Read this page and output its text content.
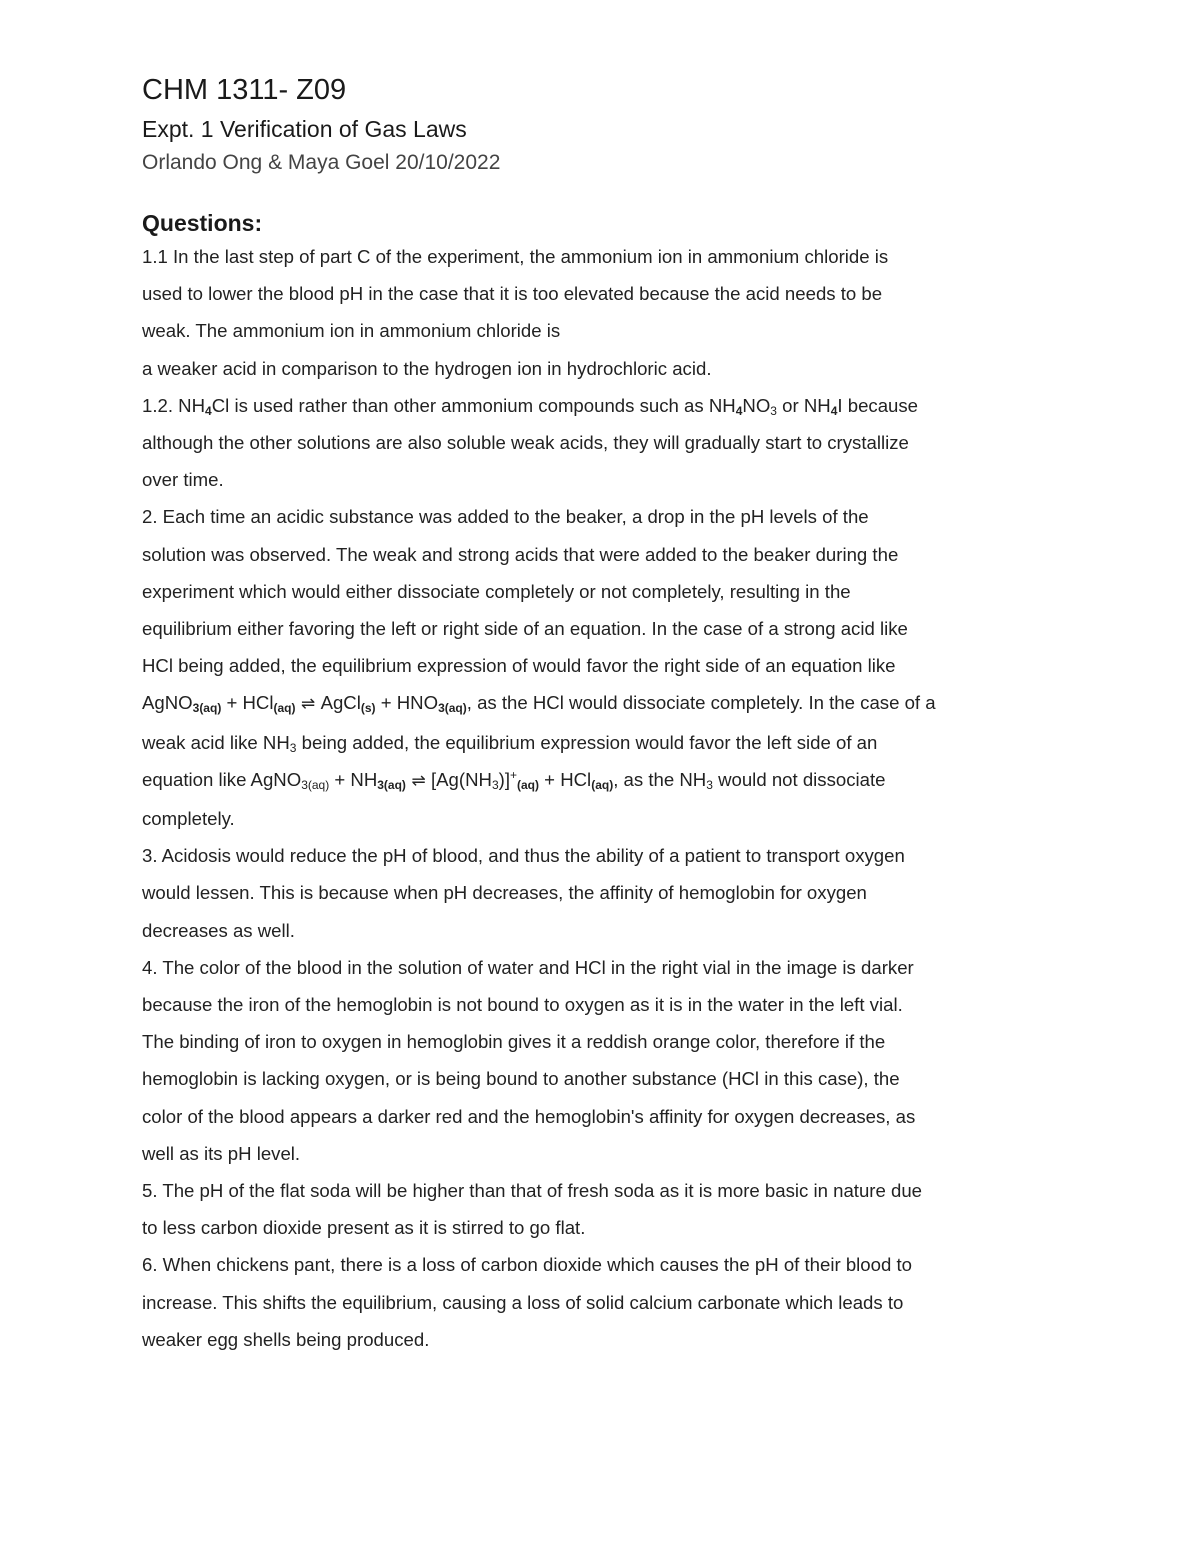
CHM 1311- Z09
Expt. 1 Verification of Gas Laws
Orlando Ong & Maya Goel 20/10/2022
Questions:
1.1 In the last step of part C of the experiment, the ammonium ion in ammonium chloride is
used to lower the blood pH in the case that it is too elevated because the acid needs to be
weak. The ammonium ion in ammonium chloride is
a weaker acid in comparison to the hydrogen ion in hydrochloric acid.
1.2. $NH_4Cl$ is used rather than other ammonium compounds such as $NH_4NO_3$ or $NH_4I$ because
although the other solutions are also soluble weak acids, they will gradually start to crystallize
over time.
2. Each time an acidic substance was added to the beaker, a drop in the pH levels of the
solution was observed. The weak and strong acids that were added to the beaker during the
experiment which would either dissociate completely or not completely, resulting in the
equilibrium either favoring the left or right side of an equation. In the case of a strong acid like
HCl being added, the equilibrium expression of would favor the right side of an equation like
AgNO$_{3(aq)}$ + HCl$_{(aq)}$ ⇌ AgCl$_{(s)}$ + $HNO_{3(aq)}$, as the HCl would dissociate completely. In the case of a
weak acid like $NH_3$ being added, the equilibrium expression would favor the left side of an
equation like AgNO$_{3(aq)}$ + $NH_{3(aq)}$ ⇌ $[Ag(NH_3)]^+_{(aq)} + HCl_{(aq)}$, as the $NH_3$ would not dissociate
completely.
3. Acidosis would reduce the pH of blood, and thus the ability of a patient to transport oxygen
would lessen. This is because when pH decreases, the affinity of hemoglobin for oxygen
decreases as well.
4. The color of the blood in the solution of water and HCl in the right vial in the image is darker
because the iron of the hemoglobin is not bound to oxygen as it is in the water in the left vial.
The binding of iron to oxygen in hemoglobin gives it a reddish orange color, therefore if the
hemoglobin is lacking oxygen, or is being bound to another substance (HCl in this case), the
color of the blood appears a darker red and the hemoglobin's affinity for oxygen decreases, as
well as its pH level.
5. The pH of the flat soda will be higher than that of fresh soda as it is more basic in nature due
to less carbon dioxide present as it is stirred to go flat.
6. When chickens pant, there is a loss of carbon dioxide which causes the pH of their blood to
increase. This shifts the equilibrium, causing a loss of solid calcium carbonate which leads to
weaker egg shells being produced.
